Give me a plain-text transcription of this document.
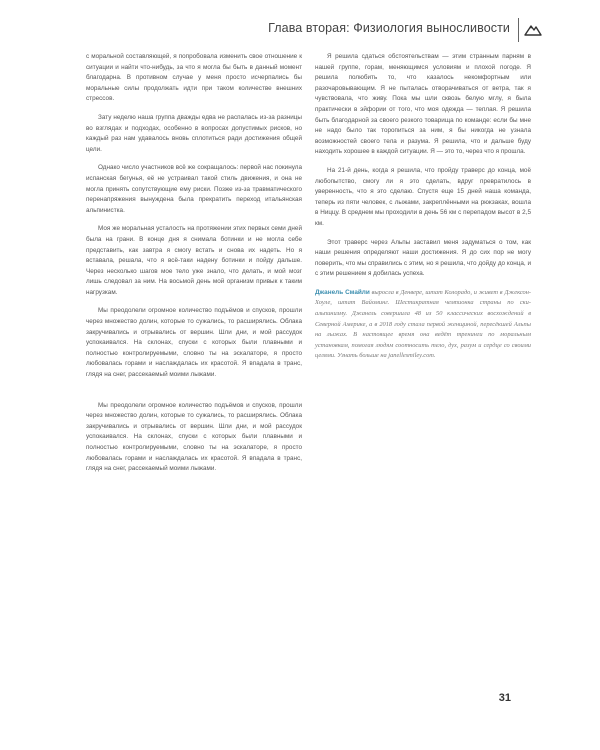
Глава вторая: Физиология выносливости

с моральной составляющей, я попробовала изменить свое отношение к ситуации и найти что-нибудь, за что я могла бы быть в данный момент благодарна. В противном случае у меня просто исчерпались бы моральные силы продолжать идти при таком количестве внешних стрессов.

Зату неделю наша группа дважды едва не распалась из-за разницы во взглядах и подходах, особенно в вопросах допустимых рисков, но каждый раз нам удавалось вновь сплотиться ради достижения общей цели.

Однако число участников всё же сокращалось: первой нас покинула испанская бегунья, её не устраивал такой стиль движения, и она не могла принять сопутствующие ему риски. Позже из-за травматического перенапряжения вынуждена была прекратить переход итальянская альпинистка.

Моя же моральная усталость на протяжении этих первых семи дней была на грани. В конце дня я снимала ботинки и не могла себе представить, как завтра я смогу встать и снова их надеть. Но я вставала, решала, что я всё-таки надену ботинки и пойду дальше. Через несколько шагов мое тело уже знало, что делать, и мой мозг лишь следовал за ним. На восьмой день мой организм привык к таким нагрузкам.

Мы преодолели огромное количество подъёмов и спусков, прошли через множество долин, которые то сужались, то расширялись. Облака закручивались и отрывались от вершин. Шли дни, и мой рассудок успокаивался. На склонах, спуски с которых были плавными и полностью контролируемыми, словно ты на эскалаторе, я просто любовалась горами и наслаждалась их красотой. Я впадала в транс, глядя на снег, рассекаемый моими лыжами.

Мы преодолели огромное количество подъёмов и спусков, прошли через множество долин, которые то сужались, то расширялись. Облака закручивались и отрывались от вершин. Шли дни, и мой рассудок успокаивался. На склонах, спуски с которых были плавными и полностью контролируемыми, словно ты на эскалаторе, я просто любовалась горами и наслаждалась их красотой. Я впадала в транс, глядя на снег, рассекаемый моими лыжами.

Я решила сдаться обстоятельствам — этим странным парням в нашей группе, горам, меняющимся условиям и плохой погоде. Я решила полюбить то, что казалось некомфортным или разочаровывающим. Я не пыталась отворачиваться от ветра, так я чувствовала, что живу. Пока мы шли сквозь белую мглу, я была практически в эйфории от того, что моя одежда — теплая. Я решила быть благодарной за своего резкого товарища по команде: если бы мне не надо было так торопиться за ним, я бы никогда не узнала возможностей своего тела и разума. Я решила, что и дальше буду находить хорошее в каждой ситуации. Я — это то, через что я прошла.

На 21-й день, когда я решила, что пройду траверс до конца, моё любопытство, смогу ли я это сделать, вдруг превратилось в уверенность, что я это сделаю. Спустя еще 15 дней наша команда, теперь из пяти человек, с лыжами, закреплёнными на рюкзаках, вошла в Ниццу. В среднем мы проходили в день 56 км с перепадом высот в 2,5 км.

Этот траверс через Альпы заставил меня задуматься о том, как наши решения определяют наши достижения. Я до сих пор не могу поверить, что мы справились с этим, но я решила, что дойду до конца, и с этим решением я добилась успеха.

Джанель Смайли выросла в Денвере, штат Колорадо, и живет в Джексон-Хоуле, штат Вайоминг. Шестикратная чемпионка страны по ски-альпинизму. Джанель совершила 48 из 50 классических восхождений в Северной Америке, а в 2018 году стала первой женщиной, пересёкшей Альпы на лыжах. В настоящее время она ведёт тренинги по моральным установкам, помогая людям соотносить тело, дух, разум и сердце со своими целями. Узнать больше на janellesmiley.com.

31
